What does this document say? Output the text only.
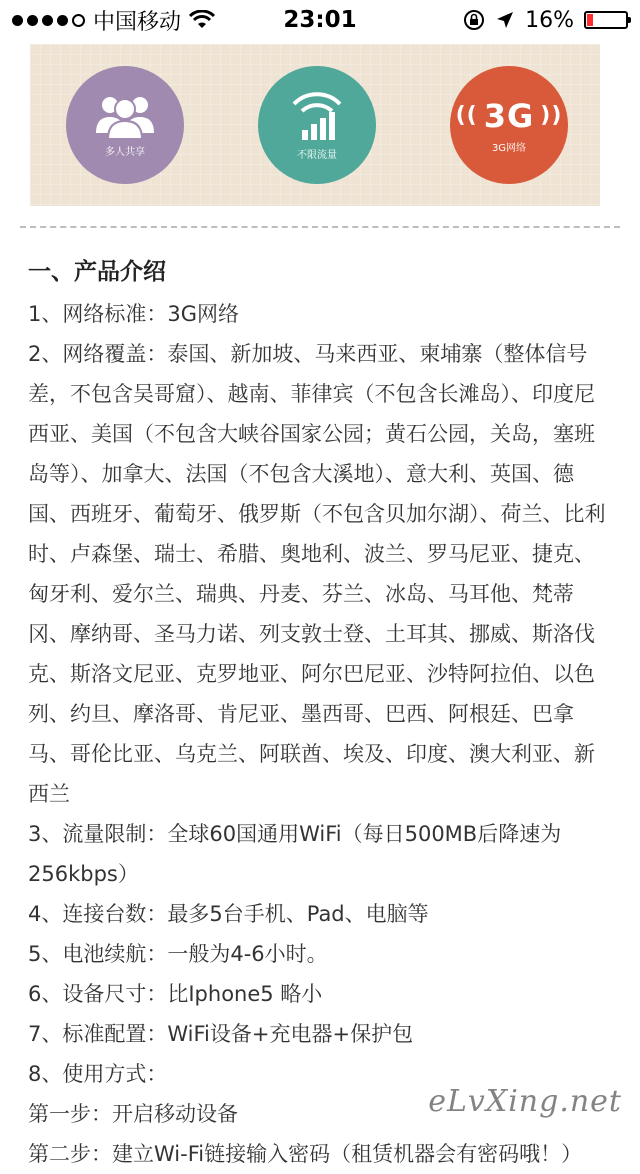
中国移动	23:01	16%
多人共享	不限流量
(( 3G ))
3G网络
一、产品介绍

1、网络标准：3G网络

2、网络覆盖：泰国、新加坡、马来西亚、柬埔寨（整体信号差，不包含吴哥窟）、越南、菲律宾（不包含长滩岛）、印度尼西亚、美国（不包含大峡谷国家公园；黄石公园，关岛，塞班岛等）、加拿大、法国（不包含大溪地）、意大利、英国、德国、西班牙、葡萄牙、俄罗斯（不包含贝加尔湖）、荷兰、比利时、卢森堡、瑞士、希腊、奥地利、波兰、罗马尼亚、捷克、匈牙利、爱尔兰、瑞典、丹麦、芬兰、冰岛、马耳他、梵蒂冈、摩纳哥、圣马力诺、列支敦士登、土耳其、挪威、斯洛伐克、斯洛文尼亚、克罗地亚、阿尔巴尼亚、沙特阿拉伯、以色列、约旦、摩洛哥、肯尼亚、墨西哥、巴西、阿根廷、巴拿马、哥伦比亚、乌克兰、阿联酋、埃及、印度、澳大利亚、新西兰

3、流量限制：全球60国通用WiFi（每日500MB后降速为256kbps）

4、连接台数：最多5台手机、Pad、电脑等

5、电池续航：一般为4-6小时。

6、设备尺寸：比Iphone5 略小

7、标准配置：WiFi设备+充电器+保护包

8、使用方式：

第一步：开启移动设备

第二步：建立Wi-Fi链接输入密码（租赁机器会有密码哦！）

eLvXing.net
